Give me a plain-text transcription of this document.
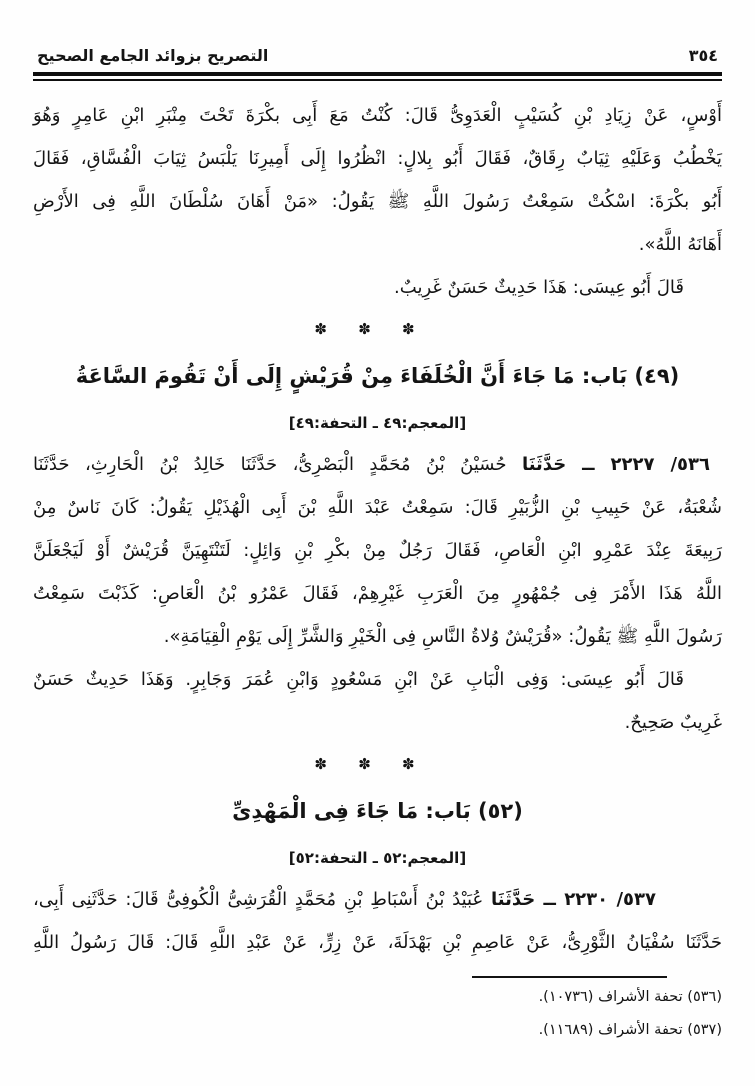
٣٥٤
التصريح بزوائد الجامع الصحيح
أَوْسٍ، عَنْ زِيَادِ بْنِ كُسَيْبٍ الْعَدَوِىُّ قَالَ: كُنْتُ مَعَ أَبِى بكْرَةَ تَحْتَ مِنْبَرِ ابْنِ عَامِرٍ وَهُوَ
يَخْطُبُ وَعَلَيْهِ ثِيَابٌ رِقَاقٌ، فَقَالَ أَبُو بِلالٍ: انْظُرُوا إِلَى أَمِيرِنَا يَلْبَسُ ثِيَابَ الْفُسَّاقِ، فَقَالَ
أَبُو بكْرَةَ: اسْكُتْ سَمِعْتُ رَسُولَ اللَّهِ ﷺ يَقُولُ: «مَنْ أَهَانَ سُلْطَانَ اللَّهِ فِى الأَرْضِ
أَهَانَهُ اللَّهُ».
قَالَ أَبُو عِيسَى: هَذَا حَدِيثٌ حَسَنٌ غَرِيبٌ.
✽ ✽ ✽
(٤٩) بَاب: مَا جَاءَ أَنَّ الْخُلَفَاءَ مِنْ قُرَيْشٍ إِلَى أَنْ تَقُومَ السَّاعَةُ
[المعجم:٤٩ ـ التحفة:٤٩]
٥٣٦/ ٢٢٢٧ ــ حَدَّثَنَا حُسَيْنُ بْنُ مُحَمَّدٍ الْبَصْرِىُّ، حَدَّثَنَا خَالِدُ بْنُ الْحَارِثِ، حَدَّثَنَا
شُعْبَةُ، عَنْ حَبِيبِ بْنِ الزُّبَيْرِ قَالَ: سَمِعْتُ عَبْدَ اللَّهِ بْنَ أَبِى الْهُذَيْلِ يَقُولُ: كَانَ نَاسٌ مِنْ
رَبِيعَةَ عِنْدَ عَمْرِو ابْنِ الْعَاصِ، فَقَالَ رَجُلٌ مِنْ بكْرِ بْنِ وَائِلٍ: لَتَنْتَهِيَنَّ قُرَيْشٌ أَوْ لَيَجْعَلَنَّ
اللَّهُ هَذَا الأَمْرَ فِى جُمْهُورٍ مِنَ الْعَرَبِ غَيْرِهِمْ، فَقَالَ عَمْرُو بْنُ الْعَاصِ: كَذَبْتَ سَمِعْتُ
رَسُولَ اللَّهِ ﷺ يَقُولُ: «قُرَيْشٌ وُلاةُ النَّاسِ فِى الْخَيْرِ وَالشَّرِّ إِلَى يَوْمِ الْقِيَامَةِ».
قَالَ أَبُو عِيسَى: وَفِى الْبَابِ عَنْ ابْنِ مَسْعُودٍ وَابْنِ عُمَرَ وَجَابِرٍ. وَهَذَا حَدِيثٌ حَسَنٌ
غَرِيبٌ صَحِيحٌ.
✽ ✽ ✽
(٥٢) بَاب: مَا جَاءَ فِى الْمَهْدِىِّ
[المعجم:٥٢ ـ التحفة:٥٢]
٥٣٧/ ٢٢٣٠ ــ حَدَّثَنَا عُبَيْدُ بْنُ أَسْبَاطِ بْنِ مُحَمَّدٍ الْقُرَشِىُّ الْكُوفِىُّ قَالَ: حَدَّثَنِى أَبِى،
حَدَّثَنَا سُفْيَانُ الثَّوْرِىُّ، عَنْ عَاصِمِ بْنِ بَهْدَلَةَ، عَنْ زِرٍّ، عَنْ عَبْدِ اللَّهِ قَالَ: قَالَ رَسُولُ اللَّهِ
(٥٣٦) تحفة الأشراف (١٠٧٣٦).
(٥٣٧) تحفة الأشراف (١١٦٨٩).
